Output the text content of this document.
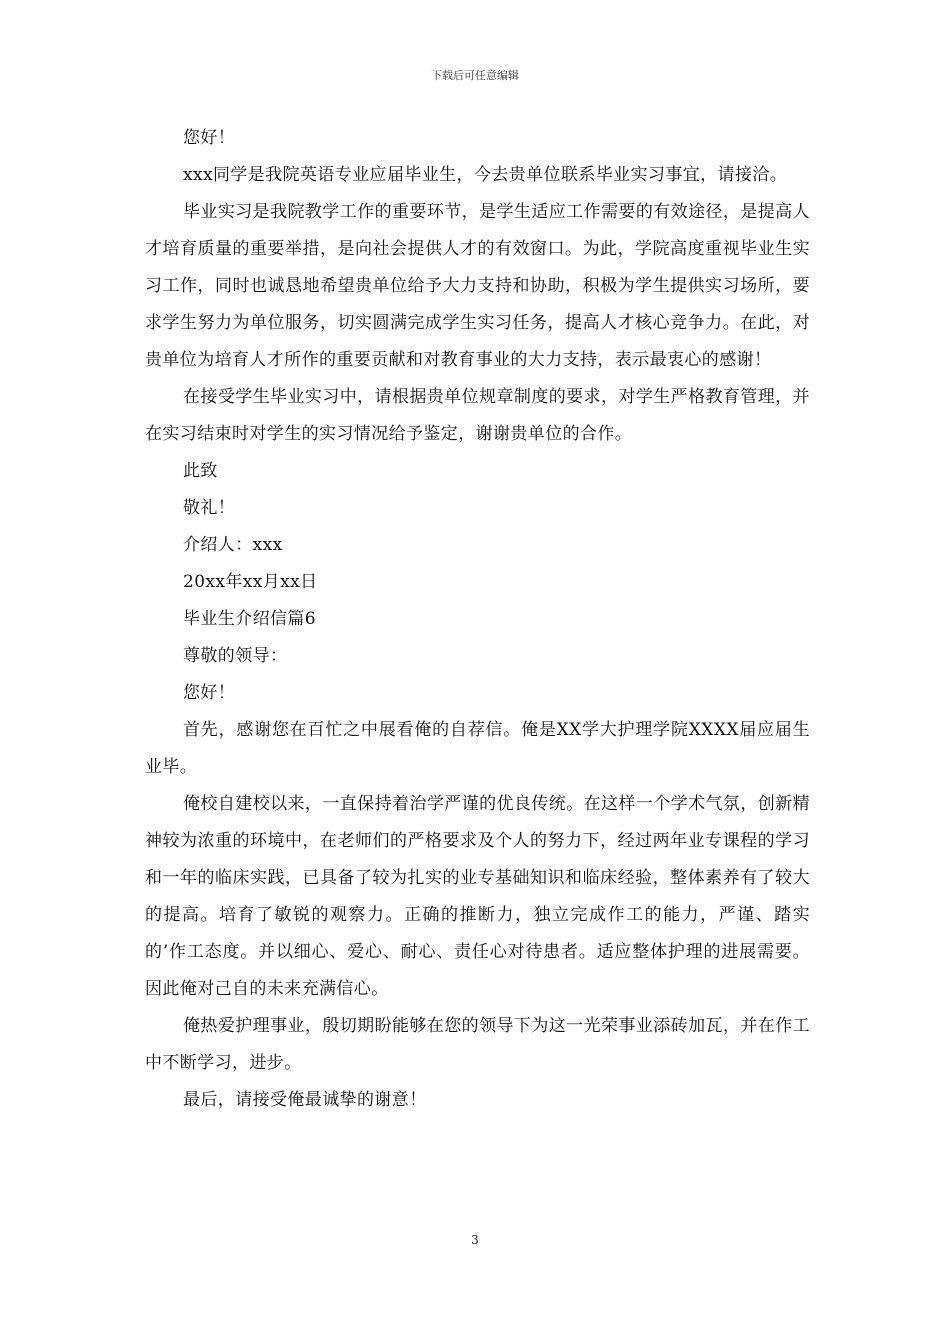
下载后可任意编辑

您好！

xxx同学是我院英语专业应届毕业生，今去贵单位联系毕业实习事宜，请接洽。

毕业实习是我院教学工作的重要环节，是学生适应工作需要的有效途径，是提高人才培育质量的重要举措，是向社会提供人才的有效窗口。为此，学院高度重视毕业生实习工作，同时也诚恳地希望贵单位给予大力支持和协助，积极为学生提供实习场所，要求学生努力为单位服务，切实圆满完成学生实习任务，提高人才核心竞争力。在此，对贵单位为培育人才所作的重要贡献和对教育事业的大力支持，表示最衷心的感谢！

在接受学生毕业实习中，请根据贵单位规章制度的要求，对学生严格教育管理，并在实习结束时对学生的实习情况给予鉴定，谢谢贵单位的合作。

此致

敬礼！

介绍人：xxx

20xx年xx月xx日

毕业生介绍信篇6

尊敬的领导：

您好！

首先，感谢您在百忙之中展看俺的自荐信。俺是XX学大护理学院XXXX届应届生业毕。

俺校自建校以来，一直保持着治学严谨的优良传统。在这样一个学术气氛，创新精神较为浓重的环境中，在老师们的严格要求及个人的努力下，经过两年业专课程的学习和一年的临床实践，已具备了较为扎实的业专基础知识和临床经验，整体素养有了较大的提高。培育了敏锐的观察力。正确的推断力，独立完成作工的能力，严谨、踏实的’作工态度。并以细心、爱心、耐心、责任心对待患者。适应整体护理的进展需要。因此俺对己自的未来充满信心。

俺热爱护理事业，殷切期盼能够在您的领导下为这一光荣事业添砖加瓦，并在作工中不断学习，进步。

最后，请接受俺最诚挚的谢意！

3
